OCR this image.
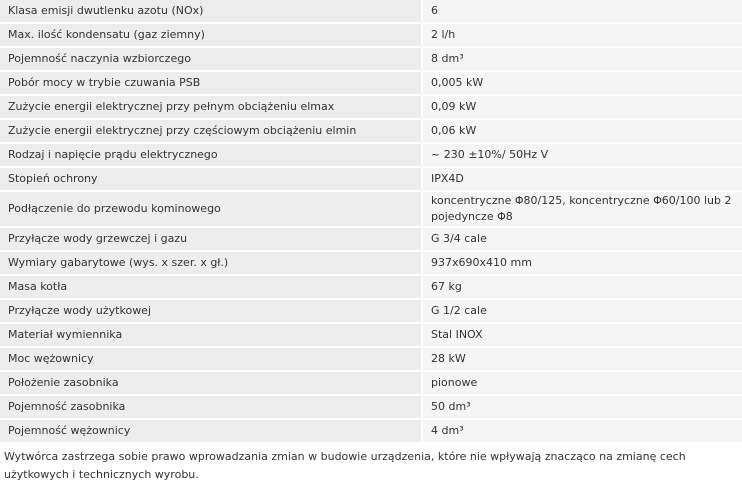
Klasa emisji dwutlenku azotu (NOx)	6
Max. ilość kondensatu (gaz ziemny)	2 l/h
Pojemność naczynia wzbiorczego	8 dm³
Pobór mocy w trybie czuwania PSB	0,005 kW
Zużycie energii elektrycznej przy pełnym obciążeniu elmax	0,09 kW
Zużycie energii elektrycznej przy częściowym obciążeniu elmin	0,06 kW
Rodzaj i napięcie prądu elektrycznego	~ 230 ±10%/ 50Hz V
Stopień ochrony	IPX4D
Podłączenie do przewodu kominowego	koncentryczne Φ80/125, koncentryczne Φ60/100 lub 2 pojedyncze Φ8
Przyłącze wody grzewczej i gazu	G 3/4 cale
Wymiary gabarytowe (wys. x szer. x gł.)	937x690x410 mm
Masa kotła	67 kg
Przyłącze wody użytkowej	G 1/2 cale
Materiał wymiennika	Stal INOX
Moc wężownicy	28 kW
Położenie zasobnika	pionowe
Pojemność zasobnika	50 dm³
Pojemność wężownicy	4 dm³

Wytwórca zastrzega sobie prawo wprowadzania zmian w budowie urządzenia, które nie wpływają znacząco na zmianę cech użytkowych i technicznych wyrobu.
